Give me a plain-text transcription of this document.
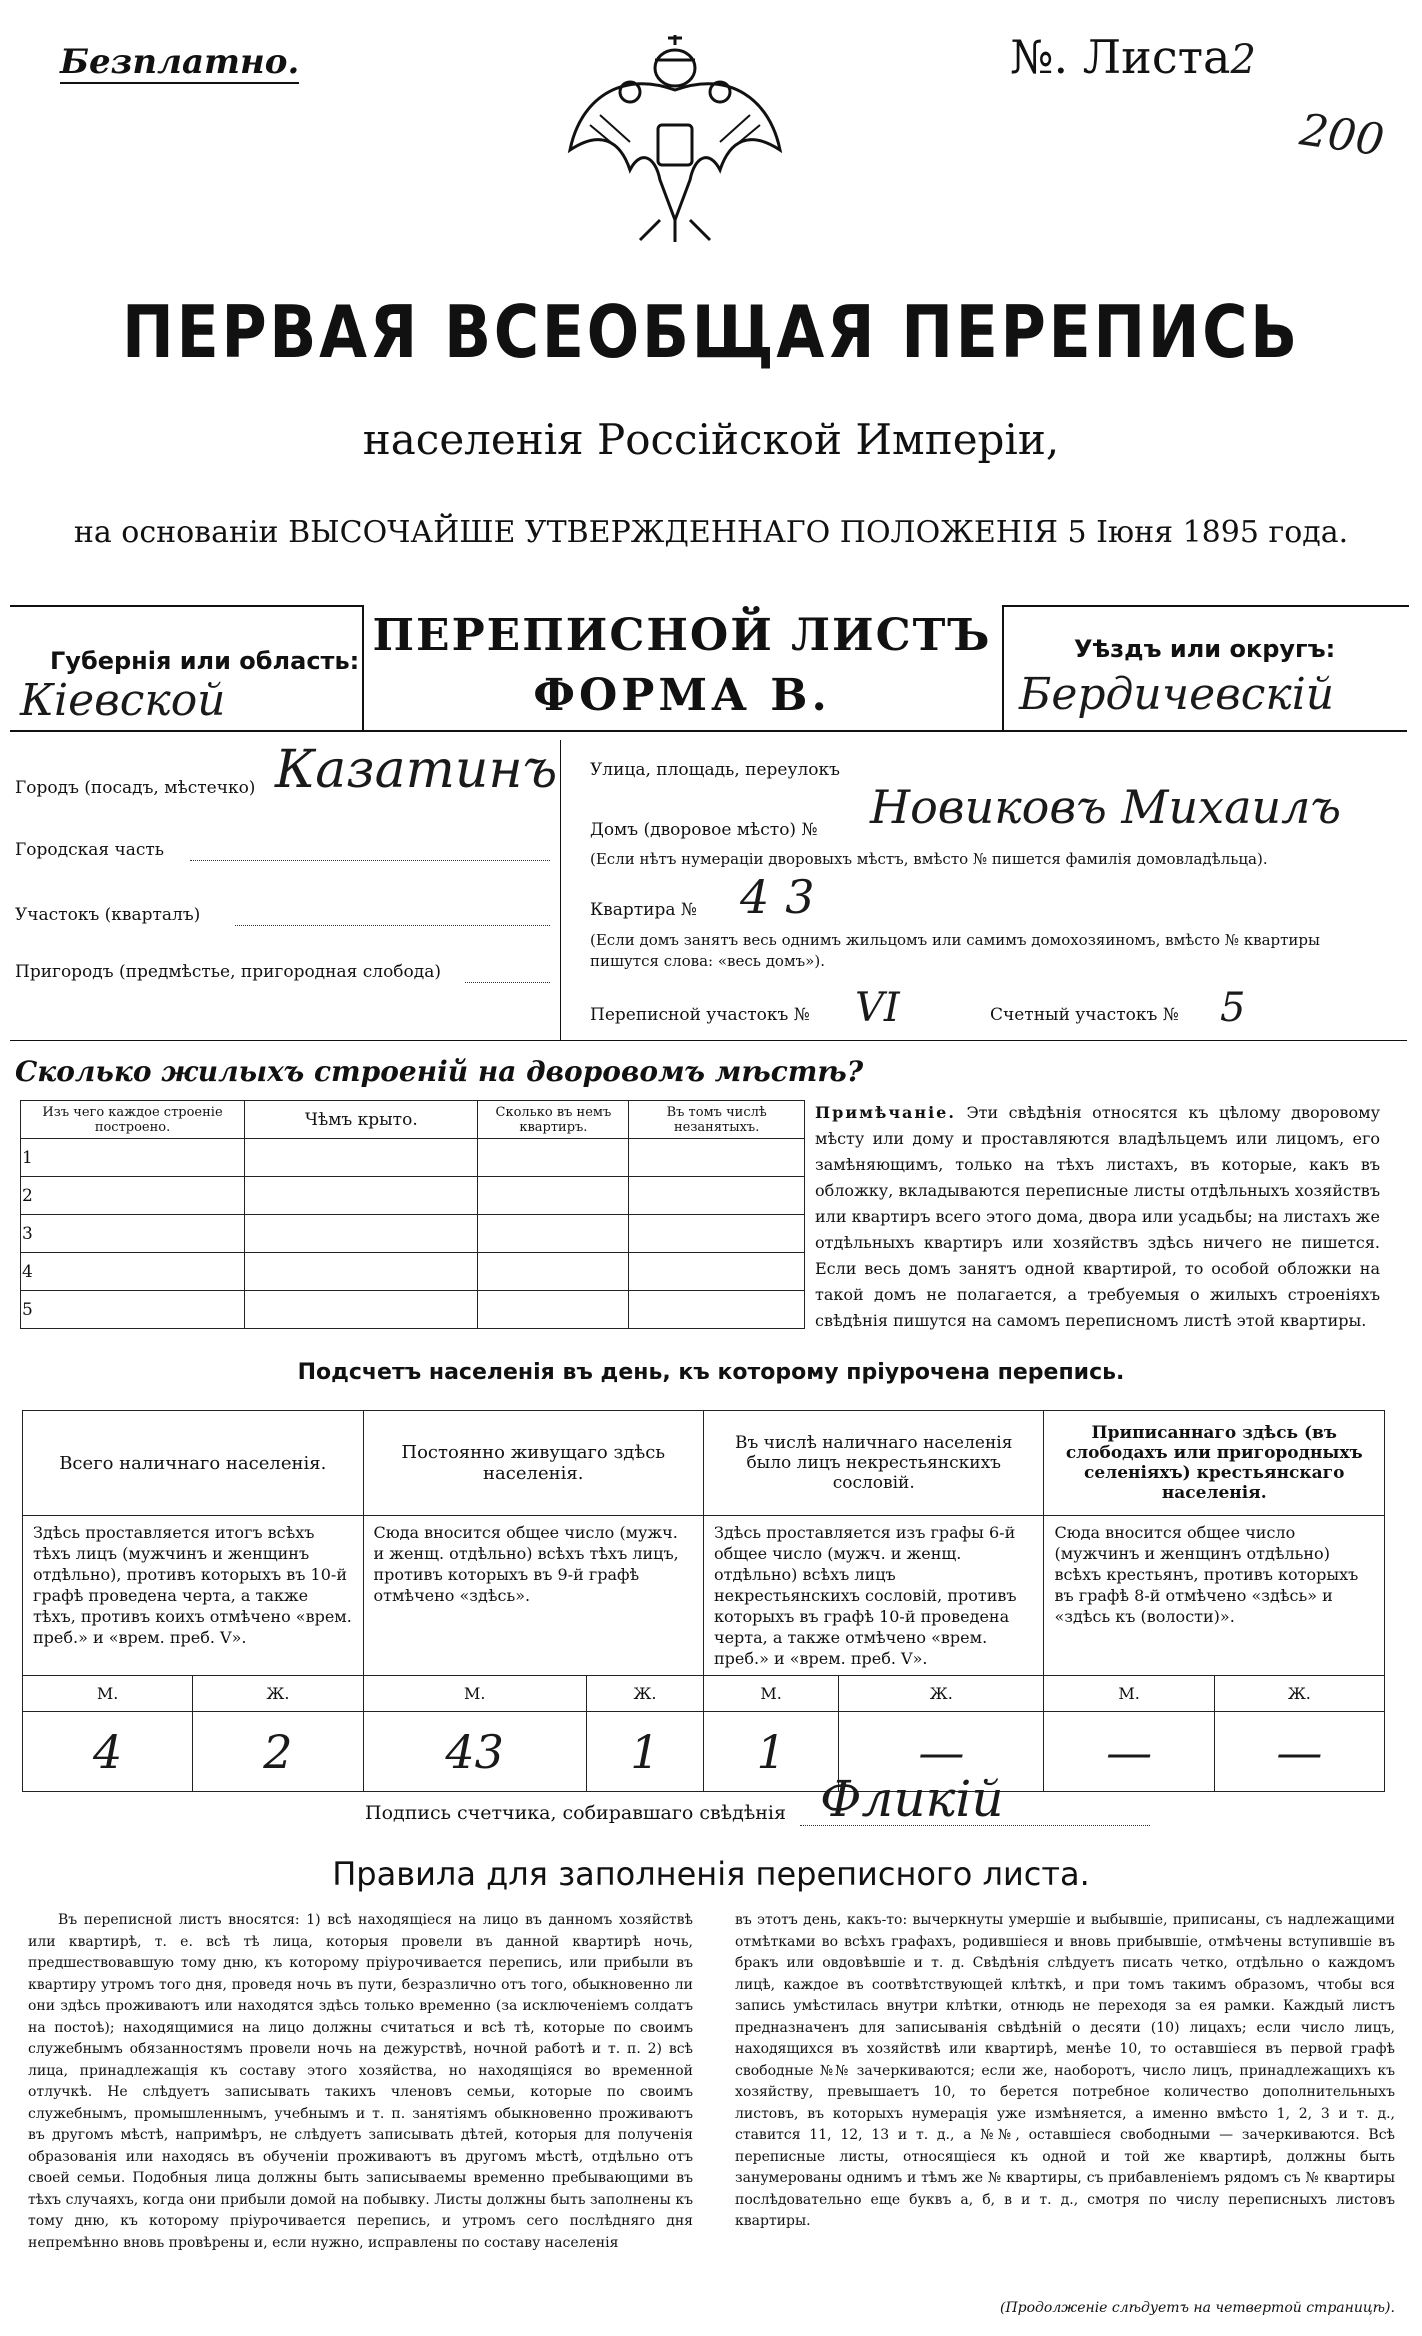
Безплатно.	№. Листа2
200
ПЕРВАЯ ВСЕОБЩАЯ ПЕРЕПИСЬ
населенія Россійской Имперіи,
на основаніи ВЫСОЧАЙШЕ УТВЕРЖДЕННАГО ПОЛОЖЕНІЯ 5 Іюня 1895 года.
Губернія или область:
Кіевской
ПЕРЕПИСНОЙ ЛИСТЪ
ФОРМА В.
Уѣздъ или округъ:
Бердичевскій
Городъ (посадъ, мѣстечко) Казатинъ
Городская часть
Участокъ (кварталъ)
Пригородъ (предмѣстье, пригородная слобода)
Улица, площадь, переулокъ
Домъ (дворовое мѣсто) № Новиковъ Михаилъ
(Если нѣтъ нумераціи дворовыхъ мѣстъ, вмѣсто № пишется фамилія домовладѣльца).
Квартира № 43
(Если домъ занятъ весь однимъ жильцомъ или самимъ домохозяиномъ, вмѣсто № квартиры пишутся слова: «весь домъ»).
Переписной участокъ № VI	Счетный участокъ № 5
Сколько жилыхъ строеній на дворовомъ мѣстѣ?
Изъ чего каждое строеніе построено.	Чѣмъ крыто.	Сколько въ немъ квартиръ.	Въ томъ числѣ незанятыхъ.
1			
2			
3			
4			
5			
Примѣчаніе. Эти свѣдѣнія относятся къ цѣлому дворовому мѣсту или дому и проставляются владѣльцемъ или лицомъ, его замѣняющимъ, только на тѣхъ листахъ, въ которые, какъ въ обложку, вкладываются переписные листы отдѣльныхъ хозяйствъ или квартиръ всего этого дома, двора или усадьбы; на листахъ же отдѣльныхъ квартиръ или хозяйствъ здѣсь ничего не пишется. Если весь домъ занятъ одной квартирой, то особой обложки на такой домъ не полагается, а требуемыя о жилыхъ строеніяхъ свѣдѣнія пишутся на самомъ переписномъ листѣ этой квартиры.
Подсчетъ населенія въ день, къ которому пріурочена перепись.
Всего наличнаго населенія.		Постоянно живущаго здѣсь населенія.		Въ числѣ наличнаго населенія было лицъ некрестьянскихъ сословій.		Приписаннаго здѣсь (въ слободахъ или пригородныхъ селеніяхъ) крестьянскаго населенія.	
Здѣсь проставляется итогъ всѣхъ тѣхъ лицъ (мужчинъ и женщинъ отдѣльно), противъ которыхъ въ 10-й графѣ проведена черта, а также тѣхъ, противъ коихъ отмѣчено «врем. преб.» и «врем. преб. V».		Сюда вносится общее число (мужч. и женщ. отдѣльно) всѣхъ тѣхъ лицъ, противъ которыхъ въ 9-й графѣ отмѣчено «здѣсь».		Здѣсь проставляется изъ графы 6-й общее число (мужч. и женщ. отдѣльно) всѣхъ лицъ некрестьянскихъ сословій, противъ которыхъ въ графѣ 10-й проведена черта, а также отмѣчено «врем. преб.» и «врем. преб. V».		Сюда вносится общее число (мужчинъ и женщинъ отдѣльно) всѣхъ крестьянъ, противъ которыхъ въ графѣ 8-й отмѣчено «здѣсь» и «здѣсь къ (волости)».	
М.	Ж.	М.	Ж.	М.	Ж.	М.	Ж.
4	2	43	1	1	—	—	—
Подпись счетчика, собиравшаго свѣдѣнія Фликій
Правила для заполненія переписного листа.
Въ переписной листъ вносятся: 1) всѣ находящіеся на лицо въ данномъ хозяйствѣ или квартирѣ, т. е. всѣ тѣ лица, которыя провели въ данной квартирѣ ночь, предшествовавшую тому дню, къ которому пріурочивается перепись, или прибыли въ квартиру утромъ того дня, проведя ночь въ пути, безразлично отъ того, обыкновенно ли они здѣсь проживаютъ или находятся здѣсь только временно (за исключеніемъ солдатъ на постоѣ); находящимися на лицо должны считаться и всѣ тѣ, которые по своимъ служебнымъ обязанностямъ провели ночь на дежурствѣ, ночной работѣ и т. п. 2) всѣ лица, принадлежащія къ составу этого хозяйства, но находящіяся во временной отлучкѣ. Не слѣдуетъ записывать такихъ членовъ семьи, которые по своимъ служебнымъ, промышленнымъ, учебнымъ и т. п. занятіямъ обыкновенно проживаютъ въ другомъ мѣстѣ, напримѣръ, не слѣдуетъ записывать дѣтей, которыя для полученія образованія или находясь въ обученіи проживаютъ въ другомъ мѣстѣ, отдѣльно отъ своей семьи. Подобныя лица должны быть записываемы временно пребывающими въ тѣхъ случаяхъ, когда они прибыли домой на побывку. Листы должны быть заполнены къ тому дню, къ которому пріурочивается перепись, и утромъ сего послѣдняго дня непремѣнно вновь провѣрены и, если нужно, исправлены по составу населенія
въ этотъ день, какъ-то: вычеркнуты умершіе и выбывшіе, приписаны, съ надлежащими отмѣтками во всѣхъ графахъ, родившіеся и вновь прибывшіе, отмѣчены вступившіе въ бракъ или овдовѣвшіе и т. д. Свѣдѣнія слѣдуетъ писать четко, отдѣльно о каждомъ лицѣ, каждое въ соотвѣтствующей клѣткѣ, и при томъ такимъ образомъ, чтобы вся запись умѣстилась внутри клѣтки, отнюдь не переходя за ея рамки. Каждый листъ предназначенъ для записыванія свѣдѣній о десяти (10) лицахъ; если число лицъ, находящихся въ хозяйствѣ или квартирѣ, менѣе 10, то оставшіеся въ первой графѣ свободные №№ зачеркиваются; если же, наоборотъ, число лицъ, принадлежащихъ къ хозяйству, превышаетъ 10, то берется потребное количество дополнительныхъ листовъ, въ которыхъ нумерація уже измѣняется, а именно вмѣсто 1, 2, 3 и т. д., ставится 11, 12, 13 и т. д., а №№, оставшіеся свободными — зачеркиваются. Всѣ переписные листы, относящіеся къ одной и той же квартирѣ, должны быть занумерованы однимъ и тѣмъ же № квартиры, съ прибавленіемъ рядомъ съ № квартиры послѣдовательно еще буквъ а, б, в и т. д., смотря по числу переписныхъ листовъ квартиры.
(Продолженіе слѣдуетъ на четвертой страницѣ).
